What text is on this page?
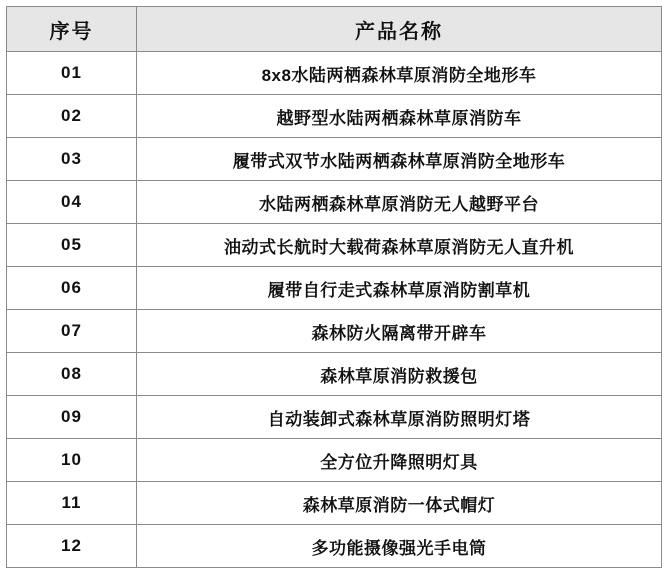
序号	产品名称
01	8x8水陆两栖森林草原消防全地形车
02	越野型水陆两栖森林草原消防车
03	履带式双节水陆两栖森林草原消防全地形车
04	水陆两栖森林草原消防无人越野平台
05	油动式长航时大载荷森林草原消防无人直升机
06	履带自行走式森林草原消防割草机
07	森林防火隔离带开辟车
08	森林草原消防救援包
09	自动装卸式森林草原消防照明灯塔
10	全方位升降照明灯具
11	森林草原消防一体式帽灯
12	多功能摄像强光手电筒
